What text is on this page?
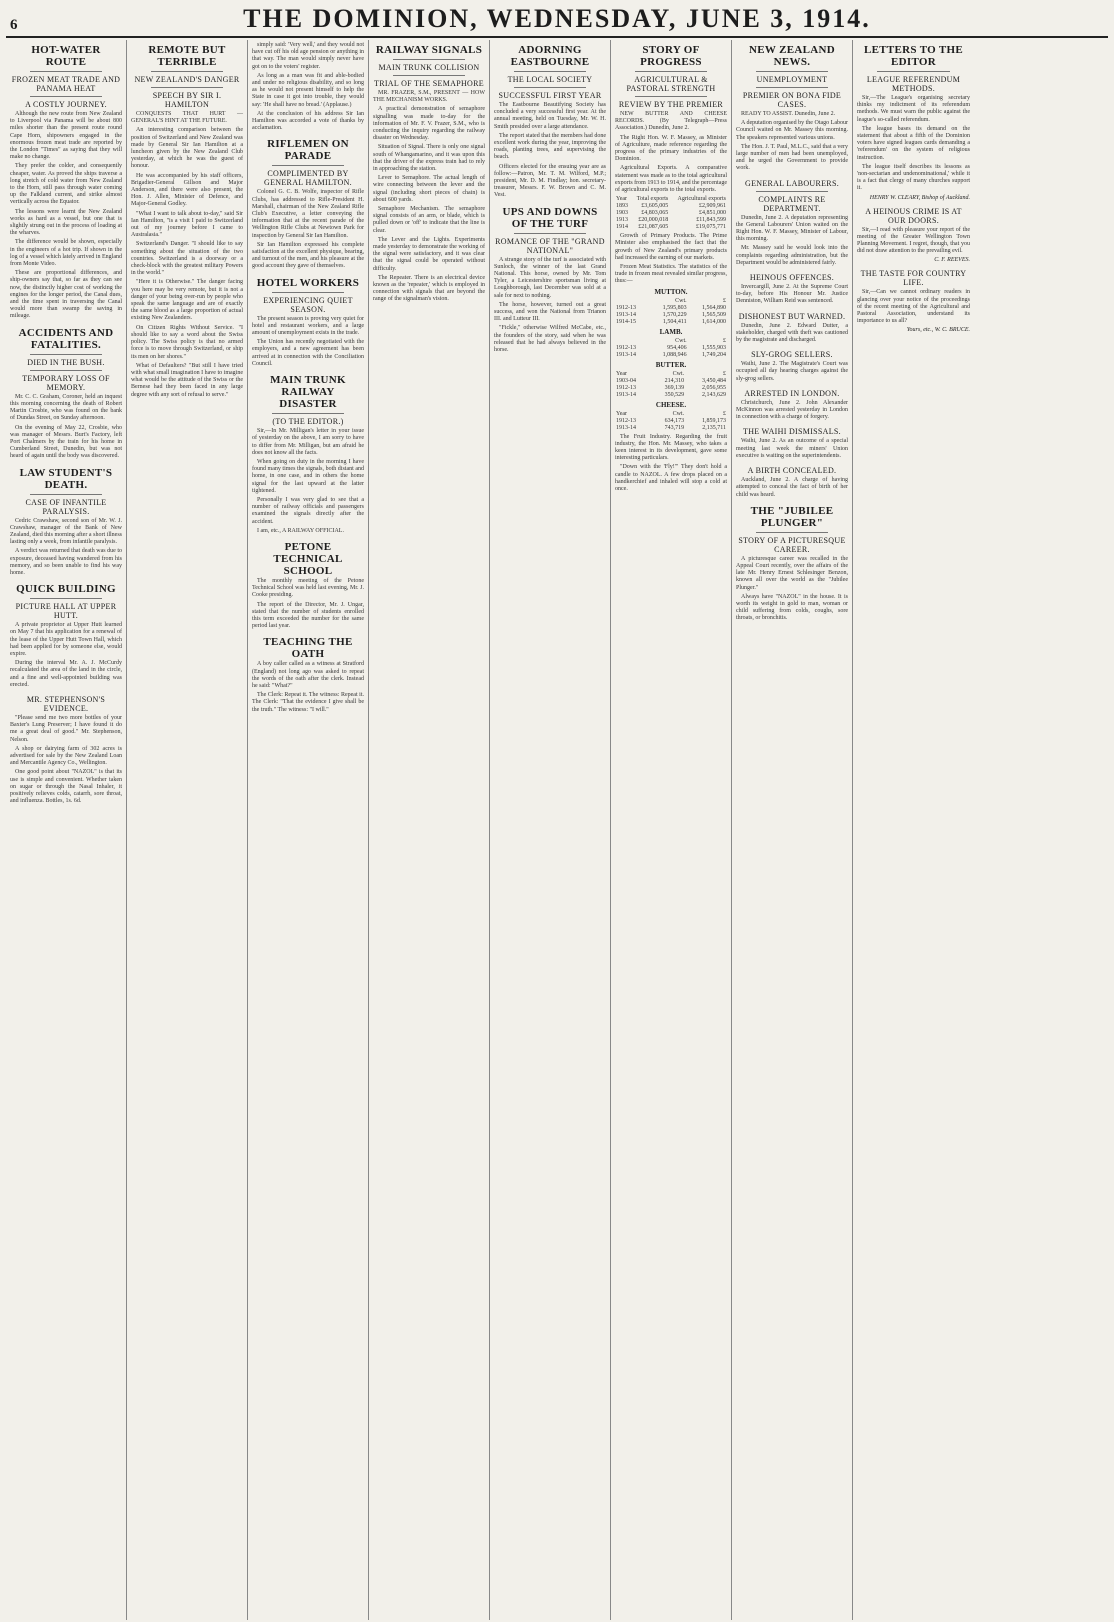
6	THE DOMINION, WEDNESDAY, JUNE 3, 1914.
HOT-WATER ROUTE
FROZEN MEAT TRADE AND PANAMA HEAT
A COSTLY JOURNEY.

Although the new route from New Zealand to Liverpool via Panama will be about 800 miles shorter than the present route round Cape Horn, shipowners engaged in the enormous frozen meat trade are reported by the London "Times" as saying that they will make no change.

They prefer the colder, and consequently cheaper, water. As proved the ships traverse a long stretch of cold water from New Zealand to the Horn, still pass through water coming up the Falkland current, and strike almost vertically across the Equator.

The lessons were learnt the New Zealand works as hard as a vessel, but one that is slightly strung out in the process of loading at the wharves.

The difference would be shown, especially in the engineers of a hot trip. If shown in the log of a vessel which lately arrived in England from Monte Video.

These are proportional differences, and ship-owners say that, so far as they can see now, the distinctly higher cost of working the engines for the longer period, the Canal dues, and the time spent in traversing the Canal would more than swamp the saving in mileage.

ACCIDENTS AND FATALITIES.
DIED IN THE BUSH.
TEMPORARY LOSS OF MEMORY.

Mr. C. C. Graham, Coroner, held an inquest this morning concerning the death of Robert Martin Crosbie, who was found on the bank of Dundas Street, on Sunday afternoon.

On the evening of May 22, Crosbie, who was manager of Messrs. Burt's Factory, left Port Chalmers by the train for his home in Cumberland Street, Dunedin, but was not heard of again until the body was discovered.

LAW STUDENT'S DEATH.
CASE OF INFANTILE PARALYSIS.

Cedric Crawshaw, second son of Mr. W. J. Crawshaw, manager of the Bank of New Zealand, died this morning after a short illness lasting only a week, from infantile paralysis.

A verdict was returned that death was due to exposure, deceased having wandered from his memory, and so been unable to find his way home.

QUICK BUILDING
PICTURE HALL AT UPPER HUTT.

A private proprietor at Upper Hutt learned on May 7 that his application for a renewal of the lease of the Upper Hutt Town Hall, which had been applied for by someone else, would expire.

During the interval Mr. A. J. McCurdy recalculated the area of the land in the circle, and a fine and well-appointed building was erected.

MR. STEPHENSON'S EVIDENCE.

"Please send me two more bottles of your Baxter's Lung Preserver; I have found it do me a great deal of good." Mr. Stephenson, Nelson.

A shop or dairying farm of 302 acres is advertised for sale by the New Zealand Loan and Mercantile Agency Co., Wellington.

One good point about "NAZOL" is that its use is simple and convenient. Whether taken on sugar or through the Nasal Inhaler, it positively relieves colds, catarrh, sore throat, and influenza. Bottles, 1s. 6d.

REMOTE BUT TERRIBLE
NEW ZEALAND'S DANGER
SPEECH BY SIR I. HAMILTON

CONQUESTS THAT HURT — GENERAL'S HINT AT THE FUTURE.

An interesting comparison between the position of Switzerland and New Zealand was made by General Sir Ian Hamilton at a luncheon given by the New Zealand Club yesterday, at which he was the guest of honour.

He was accompanied by his staff officers, Brigadier-General Gillson and Major Anderson, and there were also present, the Hon. J. Allen, Minister of Defence, and Major-General Godley.

"What I want to talk about to-day," said Sir Ian Hamilton, "is a visit I paid to Switzerland out of my journey before I came to Australasia."

Switzerland's Danger. "I should like to say something about the situation of the two countries. Switzerland is a doorway or a check-block with the greatest military Powers in the world."

"Here it is Otherwise." The danger facing you here may be very remote, but it is not a danger of your being over-run by people who speak the same language and are of exactly the same blood as a large proportion of actual existing New Zealanders.

On Citizen Rights Without Service. "I should like to say a word about the Swiss policy. The Swiss policy is that no armed force is to move through Switzerland, or ship its men on her shores."

What of Defaulters? "But still I have tried with what small imagination I have to imagine what would be the attitude of the Swiss or the Bernese had they been faced in any large degree with any sort of refusal to serve."

simply said: 'Very well,' and they would not have cut off his old age pension or anything in that way. The man would simply never have got on to the voters' register.

As long as a man was fit and able-bodied and under no religious disability, and so long as he would not present himself to help the State in case it got into trouble, they would say: 'He shall have no bread.' (Applause.)

At the conclusion of his address Sir Ian Hamilton was accorded a vote of thanks by acclamation.

RIFLEMEN ON PARADE
COMPLIMENTED BY GENERAL HAMILTON.

Colonel G. C. B. Wolfe, inspector of Rifle Clubs, has addressed to Rifle-President H. Marshall, chairman of the New Zealand Rifle Club's Executive, a letter conveying the information that at the recent parade of the Wellington Rifle Clubs at Newtown Park for inspection by General Sir Ian Hamilton.

Sir Ian Hamilton expressed his complete satisfaction at the excellent physique, bearing, and turnout of the men, and his pleasure at the good account they gave of themselves.

HOTEL WORKERS
EXPERIENCING QUIET SEASON.

The present season is proving very quiet for hotel and restaurant workers, and a large amount of unemployment exists in the trade.

The Union has recently negotiated with the employers, and a new agreement has been arrived at in connection with the Conciliation Council.

MAIN TRUNK RAILWAY DISASTER
(TO THE EDITOR.)

Sir,—In Mr. Milligan's letter in your issue of yesterday on the above, I am sorry to have to differ from Mr. Milligan, but am afraid he does not know all the facts.

When going on duty in the morning I have found many times the signals, both distant and home, in one case, and in others the home signal for the last upward at the latter tightened.

Personally I was very glad to see that a number of railway officials and passengers examined the signals directly after the accident.

I am, etc., A RAILWAY OFFICIAL.

PETONE TECHNICAL SCHOOL

The monthly meeting of the Petone Technical School was held last evening, Mr. J. Cooke presiding.

The report of the Director, Mr. J. Ungar, stated that the number of students enrolled this term exceeded the number for the same period last year.

TEACHING THE OATH

A boy caller called as a witness at Stratford (England) not long ago was asked to repeat the words of the oath after the clerk. Instead he said: "What?"

The Clerk: Repeat it. The witness: Repeat it. The Clerk: "That the evidence I give shall be the truth." The witness: "I will."

RAILWAY SIGNALS
MAIN TRUNK COLLISION
TRIAL OF THE SEMAPHORE

MR. FRAZER, S.M., PRESENT — HOW THE MECHANISM WORKS.

A practical demonstration of semaphore signalling was made to-day for the information of Mr. F. V. Frazer, S.M., who is conducting the inquiry regarding the railway disaster on Wednesday.

Situation of Signal. There is only one signal south of Whangamarino, and it was upon this that the driver of the express train had to rely in approaching the station.

Lever to Semaphore. The actual length of wire connecting between the lever and the signal (including short pieces of chain) is about 600 yards.

Semaphore Mechanism. The semaphore signal consists of an arm, or blade, which is pulled down or 'off' to indicate that the line is clear.

The Lever and the Lights. Experiments made yesterday to demonstrate the working of the signal were satisfactory, and it was clear that the signal could be operated without difficulty.

The Repeater. There is an electrical device known as the 'repeater,' which is employed in connection with signals that are beyond the range of the signalman's vision.

ADORNING EASTBOURNE
THE LOCAL SOCIETY
SUCCESSFUL FIRST YEAR

The Eastbourne Beautifying Society has concluded a very successful first year. At the annual meeting, held on Tuesday, Mr. W. H. Smith presided over a large attendance.

The report stated that the members had done excellent work during the year, improving the roads, planting trees, and supervising the beach.

Officers elected for the ensuing year are as follow:—Patron, Mr. T. M. Wilford, M.P.; president, Mr. D. M. Findlay; hon. secretary-treasurer, Messrs. F. W. Brown and C. M. Vest.

UPS AND DOWNS OF THE TURF
ROMANCE OF THE "GRAND NATIONAL"

A strange story of the turf is associated with Sunloch, the winner of the last Grand National. This horse, owned by Mr. Tom Tyler, a Leicestershire sportsman living at Loughborough, last December was sold at a sale for next to nothing.

The horse, however, turned out a great success, and won the National from Trianon III. and Lutteur III.

"Fickle," otherwise Wilfred McCabe, etc., the founders of the story, said when he was released that he had always believed in the horse.

STORY OF PROGRESS
AGRICULTURAL & PASTORAL STRENGTH
REVIEW BY THE PREMIER

NEW BUTTER AND CHEESE RECORDS. (By Telegraph—Press Association.) Dunedin, June 2.

The Right Hon. W. F. Massey, as Minister of Agriculture, made reference regarding the progress of the primary industries of the Dominion.

Agricultural Exports. A comparative statement was made as to the total agricultural exports from 1913 to 1914, and the percentage of agricultural exports to the total exports.

Year	Total exports	Agricultural exports
1893	£3,605,005	£2,909,961
1903	£4,803,065	£4,851,000
1913	£20,000,018	£11,843,599
1914	£21,087,605	£19,075,771

Growth of Primary Products. The Prime Minister also emphasised the fact that the growth of New Zealand's primary products had increased the earning of our markets.

Frozen Meat Statistics. The statistics of the trade in frozen meat revealed similar progress, thus:—

MUTTON.
	Cwt.	£
1912-13	1,595,803	1,564,890
1913-14	1,570,229	1,565,509
1914-15	1,504,411	1,614,000
LAMB.
	Cwt.	£
1912-13	954,406	1,555,903
1913-14	1,088,946	1,749,204
BUTTER.
Year	Cwt.	£
1903-04	214,310	3,450,484
1912-13	369,139	2,056,955
1913-14	350,529	2,143,629
CHEESE.
Year	Cwt.	£
1912-13	634,173	1,859,173
1913-14	743,719	2,135,711

The Fruit Industry. Regarding the fruit industry, the Hon. Mr. Massey, who takes a keen interest in its development, gave some interesting particulars.

"Down with the 'Fly!'" They don't hold a candle to NAZOL. A few drops placed on a handkerchief and inhaled will stop a cold at once.

NEW ZEALAND NEWS.
UNEMPLOYMENT
PREMIER ON BONA FIDE CASES.

READY TO ASSIST. Dunedin, June 2.

A deputation organised by the Otago Labour Council waited on Mr. Massey this morning. The speakers represented various unions.

The Hon. J. T. Paul, M.L.C., said that a very large number of men had been unemployed, and he urged the Government to provide work.

GENERAL LABOURERS.
COMPLAINTS RE DEPARTMENT.

Dunedin, June 2. A deputation representing the General Labourers' Union waited on the Right Hon. W. F. Massey, Minister of Labour, this morning.

Mr. Massey said he would look into the complaints regarding administration, but the Department would be administered fairly.

HEINOUS OFFENCES.

Invercargill, June 2. At the Supreme Court to-day, before His Honour Mr. Justice Denniston, William Reid was sentenced.

DISHONEST BUT WARNED.

Dunedin, June 2. Edward Dutter, a stakeholder, charged with theft was cautioned by the magistrate and discharged.

SLY-GROG SELLERS.

Waihi, June 2. The Magistrate's Court was occupied all day hearing charges against the sly-grog sellers.

ARRESTED IN LONDON.

Christchurch, June 2. John Alexander McKinnon was arrested yesterday in London in connection with a charge of forgery.

THE WAIHI DISMISSALS.

Waihi, June 2. As an outcome of a special meeting last week the miners' Union executive is waiting on the superintendents.

A BIRTH CONCEALED.

Auckland, June 2. A charge of having attempted to conceal the fact of birth of her child was heard.

THE "JUBILEE PLUNGER"
STORY OF A PICTURESQUE CAREER.

A picturesque career was recalled in the Appeal Court recently, over the affairs of the late Mr. Henry Ernest Schlesinger Benzon, known all over the world as the "Jubilee Plunger."

Always have "NAZOL" in the house. It is worth its weight in gold to man, woman or child suffering from colds, coughs, sore throats, or bronchitis.

LETTERS TO THE EDITOR
LEAGUE REFERENDUM METHODS.

Sir,—The League's organising secretary thinks my indictment of its referendum methods. We must warn the public against the league's so-called referendum.

The league bases its demand on the statement that about a fifth of the Dominion voters have signed leagues cards demanding a 'referendum' on the system of religious instruction.

The league itself describes its lessons as 'non-sectarian and undenominational,' while it is a fact that clergy of many churches support it.

HENRY W. CLEARY, Bishop of Auckland.
A HEINOUS CRIME IS AT OUR DOORS.

Sir,—I read with pleasure your report of the meeting of the Greater Wellington Town Planning Movement. I regret, though, that you did not draw attention to the prevailing evil.

C. F. REEVES.
THE TASTE FOR COUNTRY LIFE.

Sir,—Can we cannot ordinary readers in glancing over your notice of the proceedings of the recent meeting of the Agricultural and Pastoral Association, understand its importance to us all?

Yours, etc., W. C. BRUCE.
